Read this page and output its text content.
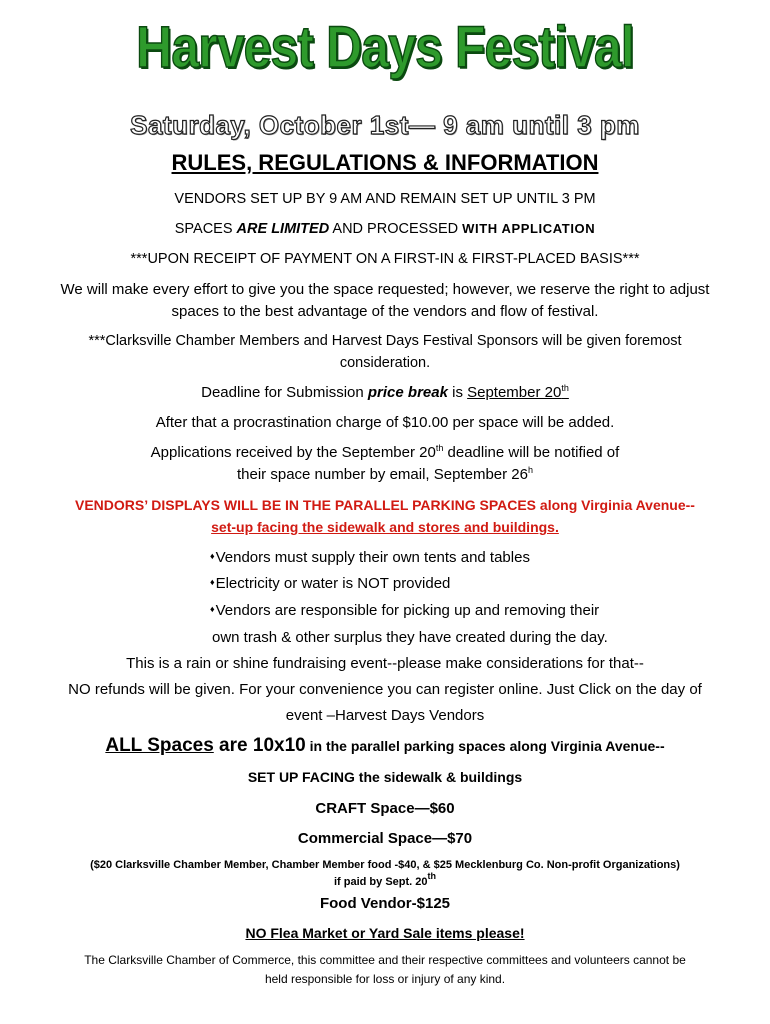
Harvest Days Festival
Saturday, October 1st— 9 am until 3 pm
RULES, REGULATIONS & INFORMATION
VENDORS SET UP BY 9 AM AND REMAIN SET UP UNTIL 3 PM
SPACES ARE LIMITED AND PROCESSED WITH APPLICATION
***UPON RECEIPT OF PAYMENT ON A FIRST-IN & FIRST-PLACED BASIS***
We will make every effort to give you the space requested; however, we reserve the right to adjust
spaces to the best advantage of the vendors and flow of festival.
***Clarksville Chamber Members and Harvest Days Festival Sponsors will be given foremost
consideration.
Deadline for Submission price break is September 20th
After that a procrastination charge of $10.00 per space will be added.
Applications received by the September 20th deadline will be notified of
their space number by email, September 26$^h$
VENDORS’ DISPLAYS WILL BE IN THE PARALLEL PARKING SPACES along Virginia Avenue--
set-up facing the sidewalk and stores and buildings.
♦Vendors must supply their own tents and tables
♦Electricity or water is NOT provided
♦Vendors are responsible for picking up and removing their
own trash & other surplus they have created during the day.
This is a rain or shine fundraising event--please make considerations for that--
NO refunds will be given. For your convenience you can register online. Just Click on the day of
event –Harvest Days Vendors
ALL Spaces are 10x10 in the parallel parking spaces along Virginia Avenue--
SET UP FACING the sidewalk & buildings
CRAFT Space—$60
Commercial Space—$70
($20 Clarksville Chamber Member, Chamber Member food -$40, & $25 Mecklenburg Co. Non-profit Organizations)
if paid by Sept. 20th
Food Vendor-$125
NO Flea Market or Yard Sale items please!
The Clarksville Chamber of Commerce, this committee and their respective committees and volunteers cannot be
held responsible for loss or injury of any kind.
